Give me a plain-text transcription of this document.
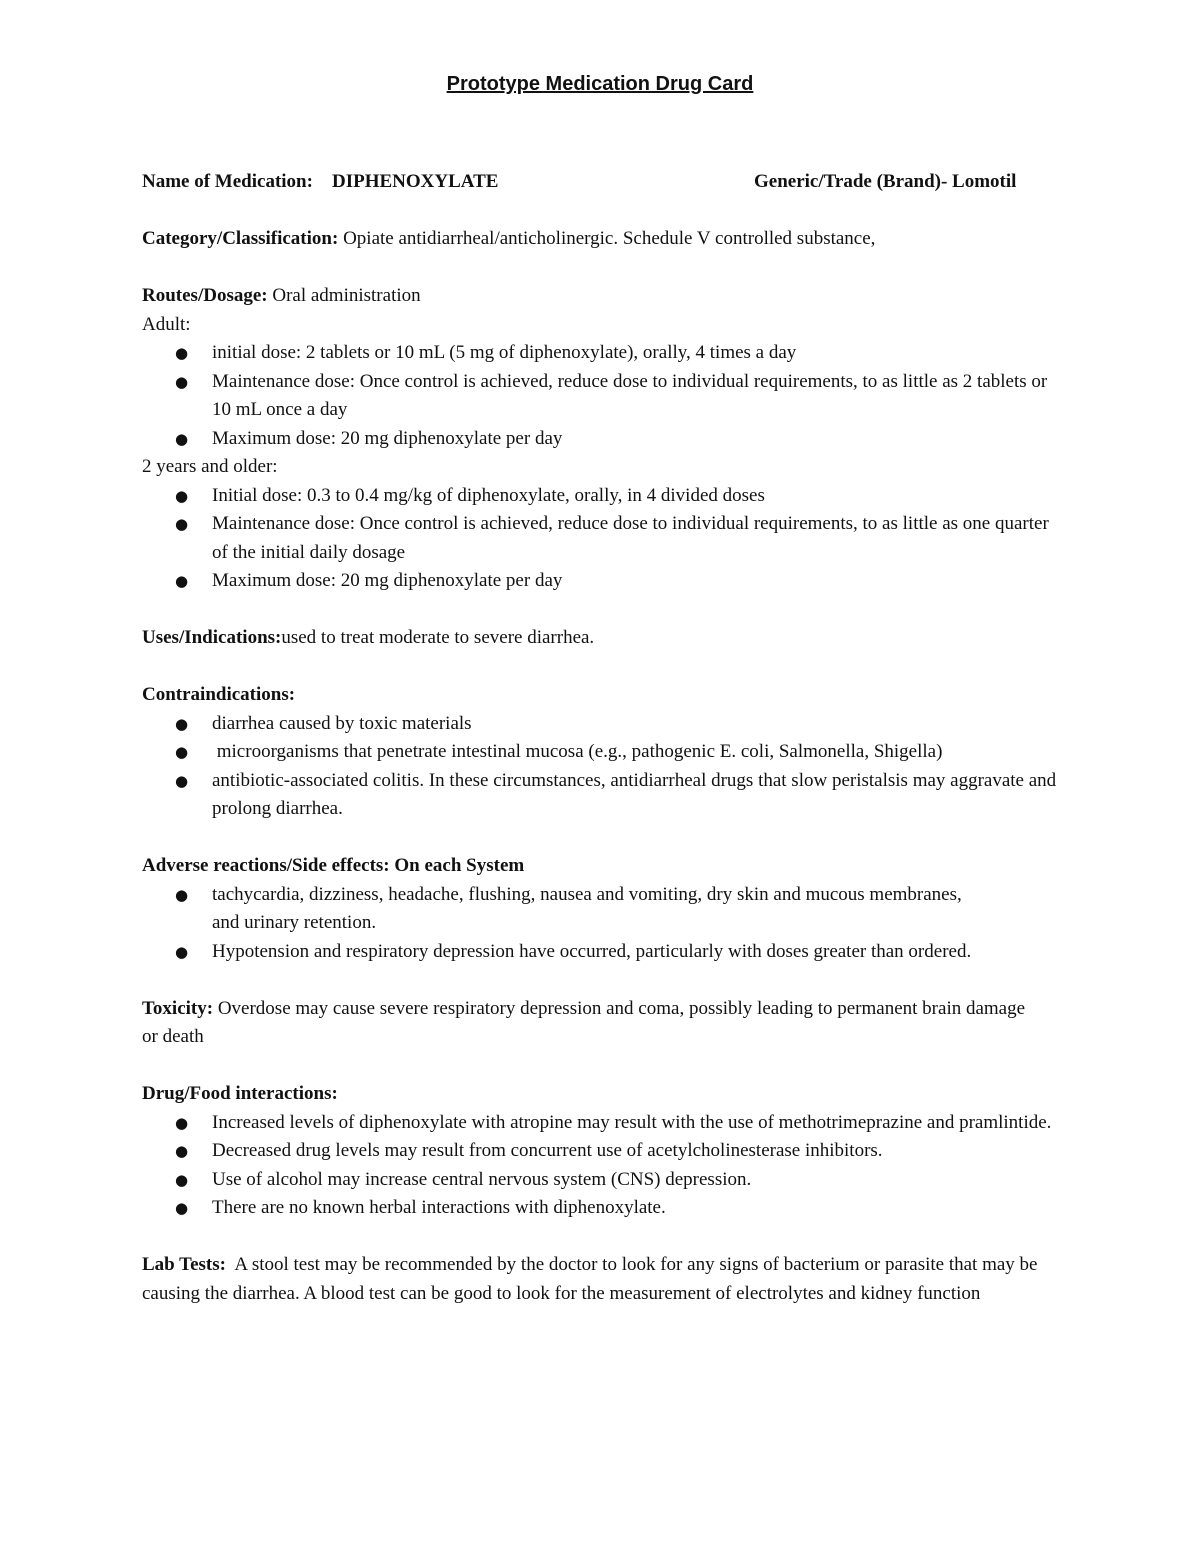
Prototype Medication Drug Card
Name of Medication: DIPHENOXYLATE	Generic/Trade (Brand)- Lomotil

Category/Classification: Opiate antidiarrheal/anticholinergic. Schedule V controlled substance,

Routes/Dosage: Oral administration

Adult:

● initial dose: 2 tablets or 10 mL (5 mg of diphenoxylate), orally, 4 times a day
● Maintenance dose: Once control is achieved, reduce dose to individual requirements, to as little as 2 tablets or 10 mL once a day
● Maximum dose: 20 mg diphenoxylate per day

2 years and older:

● Initial dose: 0.3 to 0.4 mg/kg of diphenoxylate, orally, in 4 divided doses
● Maintenance dose: Once control is achieved, reduce dose to individual requirements, to as little as one quarter of the initial daily dosage
● Maximum dose: 20 mg diphenoxylate per day

Uses/Indications:used to treat moderate to severe diarrhea.

Contraindications:

● diarrhea caused by toxic materials
● microorganisms that penetrate intestinal mucosa (e.g., pathogenic E. coli, Salmonella, Shigella)
● antibiotic-associated colitis. In these circumstances, antidiarrheal drugs that slow peristalsis may aggravate and prolong diarrhea.

Adverse reactions/Side effects: On each System

● tachycardia, dizziness, headache, flushing, nausea and vomiting, dry skin and mucous membranes, and urinary retention.
● Hypotension and respiratory depression have occurred, particularly with doses greater than ordered.

Toxicity: Overdose may cause severe respiratory depression and coma, possibly leading to permanent brain damage or death

Drug/Food interactions:

● Increased levels of diphenoxylate with atropine may result with the use of methotrimeprazine and pramlintide.
● Decreased drug levels may result from concurrent use of acetylcholinesterase inhibitors.
● Use of alcohol may increase central nervous system (CNS) depression.
● There are no known herbal interactions with diphenoxylate.

Lab Tests:  A stool test may be recommended by the doctor to look for any signs of bacterium or parasite that may be causing the diarrhea. A blood test can be good to look for the measurement of electrolytes and kidney function
